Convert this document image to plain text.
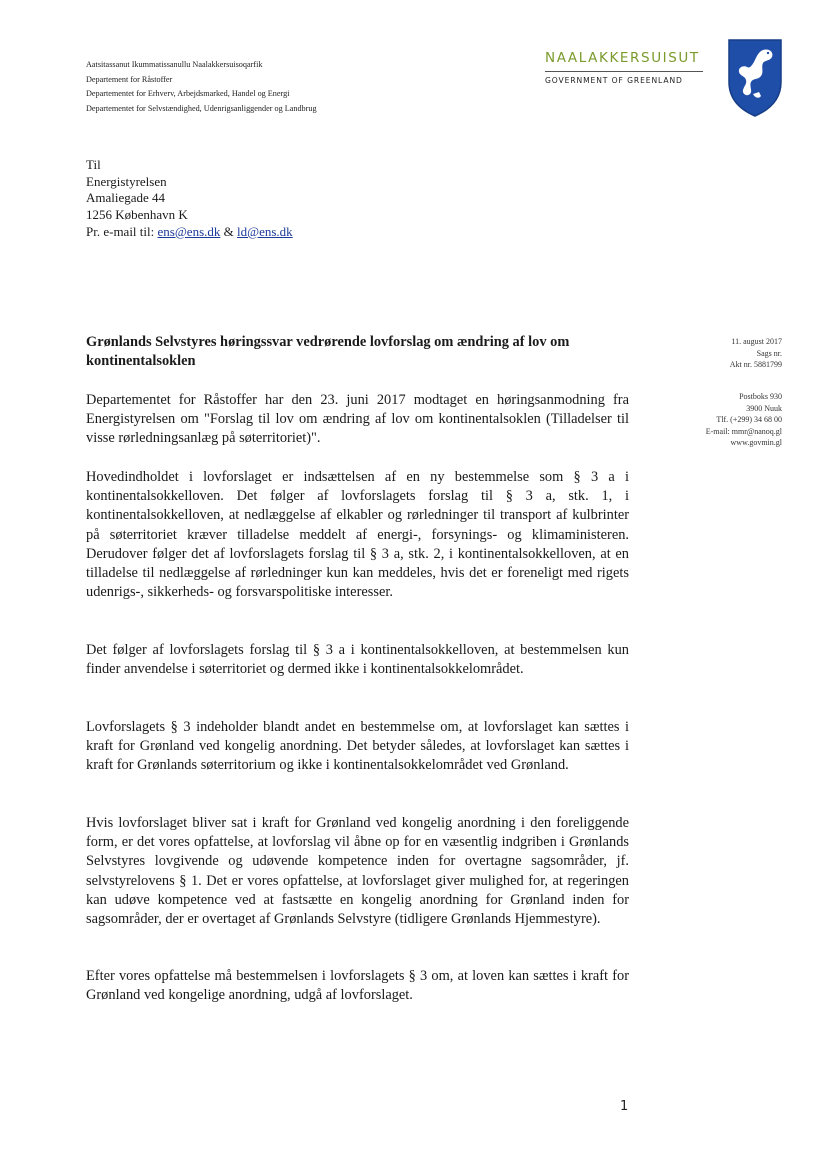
Aatsitassanut Ikummatissanullu Naalakkersuisoqarfik
Departement for Råstoffer
Departementet for Erhverv, Arbejdsmarked, Handel og Energi
Departementet for Selvstændighed, Udenrigsanliggender og Landbrug
NAALAKKERSUISUT
GOVERNMENT OF GREENLAND
Til
Energistyrelsen
Amaliegade 44
1256 København K
Pr. e-mail til: ens@ens.dk & ld@ens.dk
Grønlands Selvstyres høringssvar vedrørende lovforslag om ændring af lov om kontinentalsoklen
11. august 2017
Sags nr.
Akt nr. 5881799
Postboks 930
3900 Nuuk
Tlf. (+299) 34 68 00
E-mail: mmr@nanoq.gl
www.govmin.gl
Departementet for Råstoffer har den 23. juni 2017 modtaget en høringsanmodning fra Energistyrelsen om "Forslag til lov om ændring af lov om kontinentalsoklen (Tilladelser til visse rørledningsanlæg på søterritoriet)".
Hovedindholdet i lovforslaget er indsættelsen af en ny bestemmelse som § 3 a i kontinentalsokkelloven. Det følger af lovforslagets forslag til § 3 a, stk. 1, i kontinentalsokkelloven, at nedlæggelse af elkabler og rørledninger til transport af kulbrinter på søterritoriet kræver tilladelse meddelt af energi-, forsynings- og klimaministeren. Derudover følger det af lovforslagets forslag til § 3 a, stk. 2, i kontinentalsokkelloven, at en tilladelse til nedlæggelse af rørledninger kun kan meddeles, hvis det er foreneligt med rigets udenrigs-, sikkerheds- og forsvarspolitiske interesser.
Det følger af lovforslagets forslag til § 3 a i kontinentalsokkelloven, at bestemmelsen kun finder anvendelse i søterritoriet og dermed ikke i kontinentalsokkelområdet.
Lovforslagets § 3 indeholder blandt andet en bestemmelse om, at lovforslaget kan sættes i kraft for Grønland ved kongelig anordning. Det betyder således, at lovforslaget kan sættes i kraft for Grønlands søterritorium og ikke i kontinentalsokkelområdet ved Grønland.
Hvis lovforslaget bliver sat i kraft for Grønland ved kongelig anordning i den foreliggende form, er det vores opfattelse, at lovforslag vil åbne op for en væsentlig indgriben i Grønlands Selvstyres lovgivende og udøvende kompetence inden for overtagne sagsområder, jf. selvstyrelovens § 1. Det er vores opfattelse, at lovforslaget giver mulighed for, at regeringen kan udøve kompetence ved at fastsætte en kongelig anordning for Grønland inden for sagsområder, der er overtaget af Grønlands Selvstyre (tidligere Grønlands Hjemmestyre).
Efter vores opfattelse må bestemmelsen i lovforslagets § 3 om, at loven kan sættes i kraft for Grønland ved kongelige anordning, udgå af lovforslaget.
1
